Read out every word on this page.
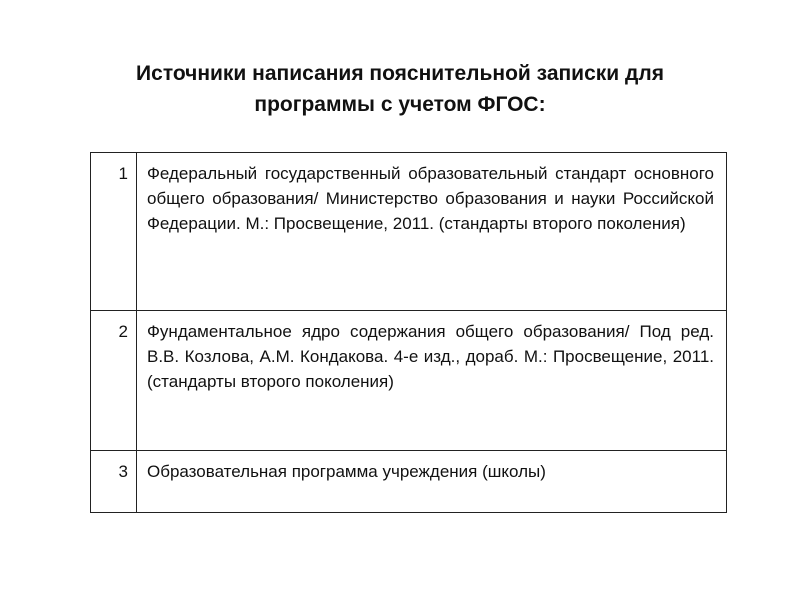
Источники написания пояснительной записки для
программы с учетом ФГОС:
1	Федеральный государственный образовательный стандарт основного общего образования/ Министерство образования и науки Российской Федерации. М.: Просвещение, 2011. (стандарты второго поколения)
2	Фундаментальное ядро содержания общего образования/ Под ред. В.В. Козлова, А.М. Кондакова. 4-е изд., дораб. М.: Просвещение, 2011. (стандарты второго поколения)
3	Образовательная программа учреждения (школы)
